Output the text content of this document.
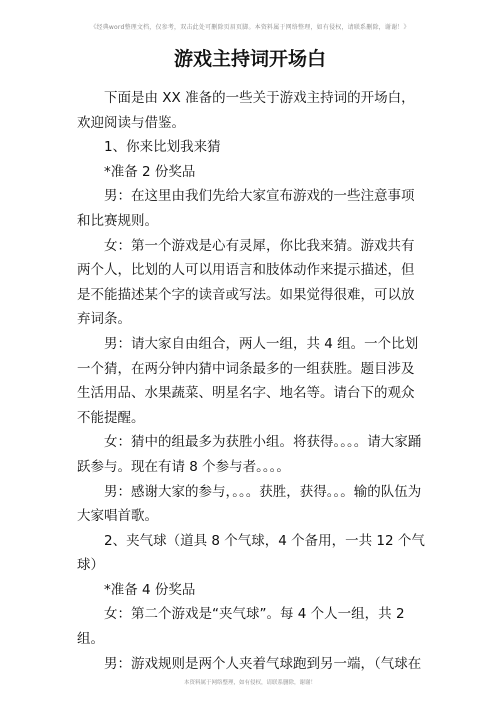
《经典word整理文档，仅参考，双击此处可删除页眉页脚。本资料属于网络整理，如有侵权，请联系删除，谢谢！》
游戏主持词开场白

下面是由 XX 准备的一些关于游戏主持词的开场白，欢迎阅读与借鉴。

1、你来比划我来猜

*准备 2 份奖品

男：在这里由我们先给大家宣布游戏的一些注意事项和比赛规则。

女：第一个游戏是心有灵犀，你比我来猜。游戏共有两个人，比划的人可以用语言和肢体动作来提示描述，但是不能描述某个字的读音或写法。如果觉得很难，可以放弃词条。

男：请大家自由组合，两人一组，共 4 组。一个比划一个猜，在两分钟内猜中词条最多的一组获胜。题目涉及生活用品、水果蔬菜、明星名字、地名等。请台下的观众不能提醒。

女：猜中的组最多为获胜小组。将获得。。。。请大家踊跃参与。现在有请 8 个参与者。。。。

男：感谢大家的参与，。。。获胜，获得。。。输的队伍为大家唱首歌。

2、夹气球（道具 8 个气球，4 个备用，一共 12 个气球）

*准备 4 份奖品

女：第二个游戏是“夹气球”。每 4 个人一组，共 2 组。

男：游戏规则是两个人夹着气球跑到另一端，（气球在

本资料属于网络整理，如有侵权，请联系删除，谢谢！
